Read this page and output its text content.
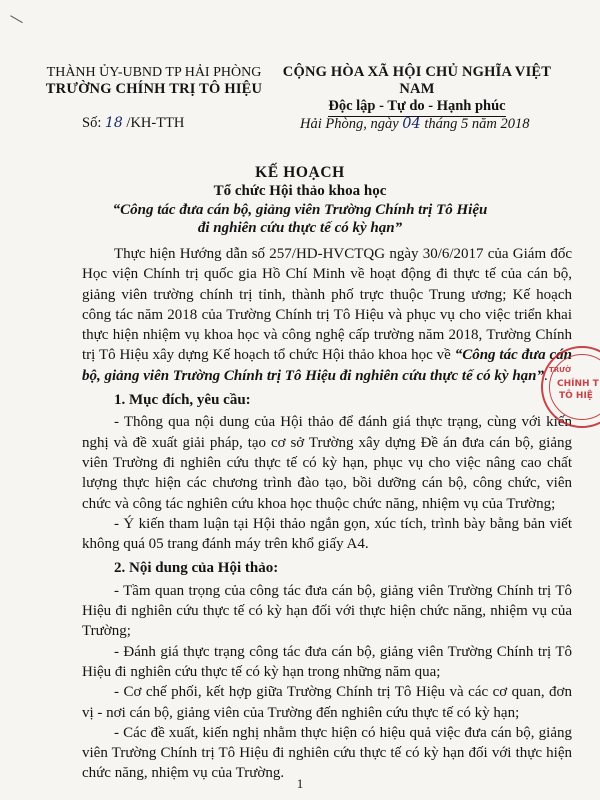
THÀNH ỦY-UBND TP HẢI PHÒNG
TRƯỜNG CHÍNH TRỊ TÔ HIỆU
CỘNG HÒA XÃ HỘI CHỦ NGHĨA VIỆT NAM
Độc lập - Tự do - Hạnh phúc
Số: 18 /KH-TTH	Hải Phòng, ngày 04 tháng 5 năm 2018
KẾ HOẠCH
Tổ chức Hội thảo khoa học
“Công tác đưa cán bộ, giảng viên Trường Chính trị Tô Hiệu
đi nghiên cứu thực tế có kỳ hạn”

Thực hiện Hướng dẫn số 257/HD-HVCTQG ngày 30/6/2017 của Giám đốc Học viện Chính trị quốc gia Hồ Chí Minh về hoạt động đi thực tế của cán bộ, giảng viên trường chính trị tỉnh, thành phố trực thuộc Trung ương; Kế hoạch công tác năm 2018 của Trường Chính trị Tô Hiệu và phục vụ cho việc triển khai thực hiện nhiệm vụ khoa học và công nghệ cấp trường năm 2018, Trường Chính trị Tô Hiệu xây dựng Kế hoạch tổ chức Hội thảo khoa học về “Công tác đưa cán bộ, giảng viên Trường Chính trị Tô Hiệu đi nghiên cứu thực tế có kỳ hạn”.

1. Mục đích, yêu cầu:

- Thông qua nội dung của Hội thảo để đánh giá thực trạng, cùng với kiến nghị và đề xuất giải pháp, tạo cơ sở Trường xây dựng Đề án đưa cán bộ, giảng viên Trường đi nghiên cứu thực tế có kỳ hạn, phục vụ cho việc nâng cao chất lượng thực hiện các chương trình đào tạo, bồi dưỡng cán bộ, công chức, viên chức và công tác nghiên cứu khoa học thuộc chức năng, nhiệm vụ của Trường;

- Ý kiến tham luận tại Hội thảo ngắn gọn, xúc tích, trình bày bằng bản viết không quá 05 trang đánh máy trên khổ giấy A4.

2. Nội dung của Hội thảo:

- Tầm quan trọng của công tác đưa cán bộ, giảng viên Trường Chính trị Tô Hiệu đi nghiên cứu thực tế có kỳ hạn đối với thực hiện chức năng, nhiệm vụ của Trường;

- Đánh giá thực trạng công tác đưa cán bộ, giảng viên Trường Chính trị Tô Hiệu đi nghiên cứu thực tế có kỳ hạn trong những năm qua;

- Cơ chế phối, kết hợp giữa Trường Chính trị Tô Hiệu và các cơ quan, đơn vị - nơi cán bộ, giảng viên của Trường đến nghiên cứu thực tế có kỳ hạn;

- Các đề xuất, kiến nghị nhằm thực hiện có hiệu quả việc đưa cán bộ, giảng viên Trường Chính trị Tô Hiệu đi nghiên cứu thực tế có kỳ hạn đối với thực hiện chức năng, nhiệm vụ của Trường.

TRƯỜ
CHÍNH T
TÔ HIỆ
1
